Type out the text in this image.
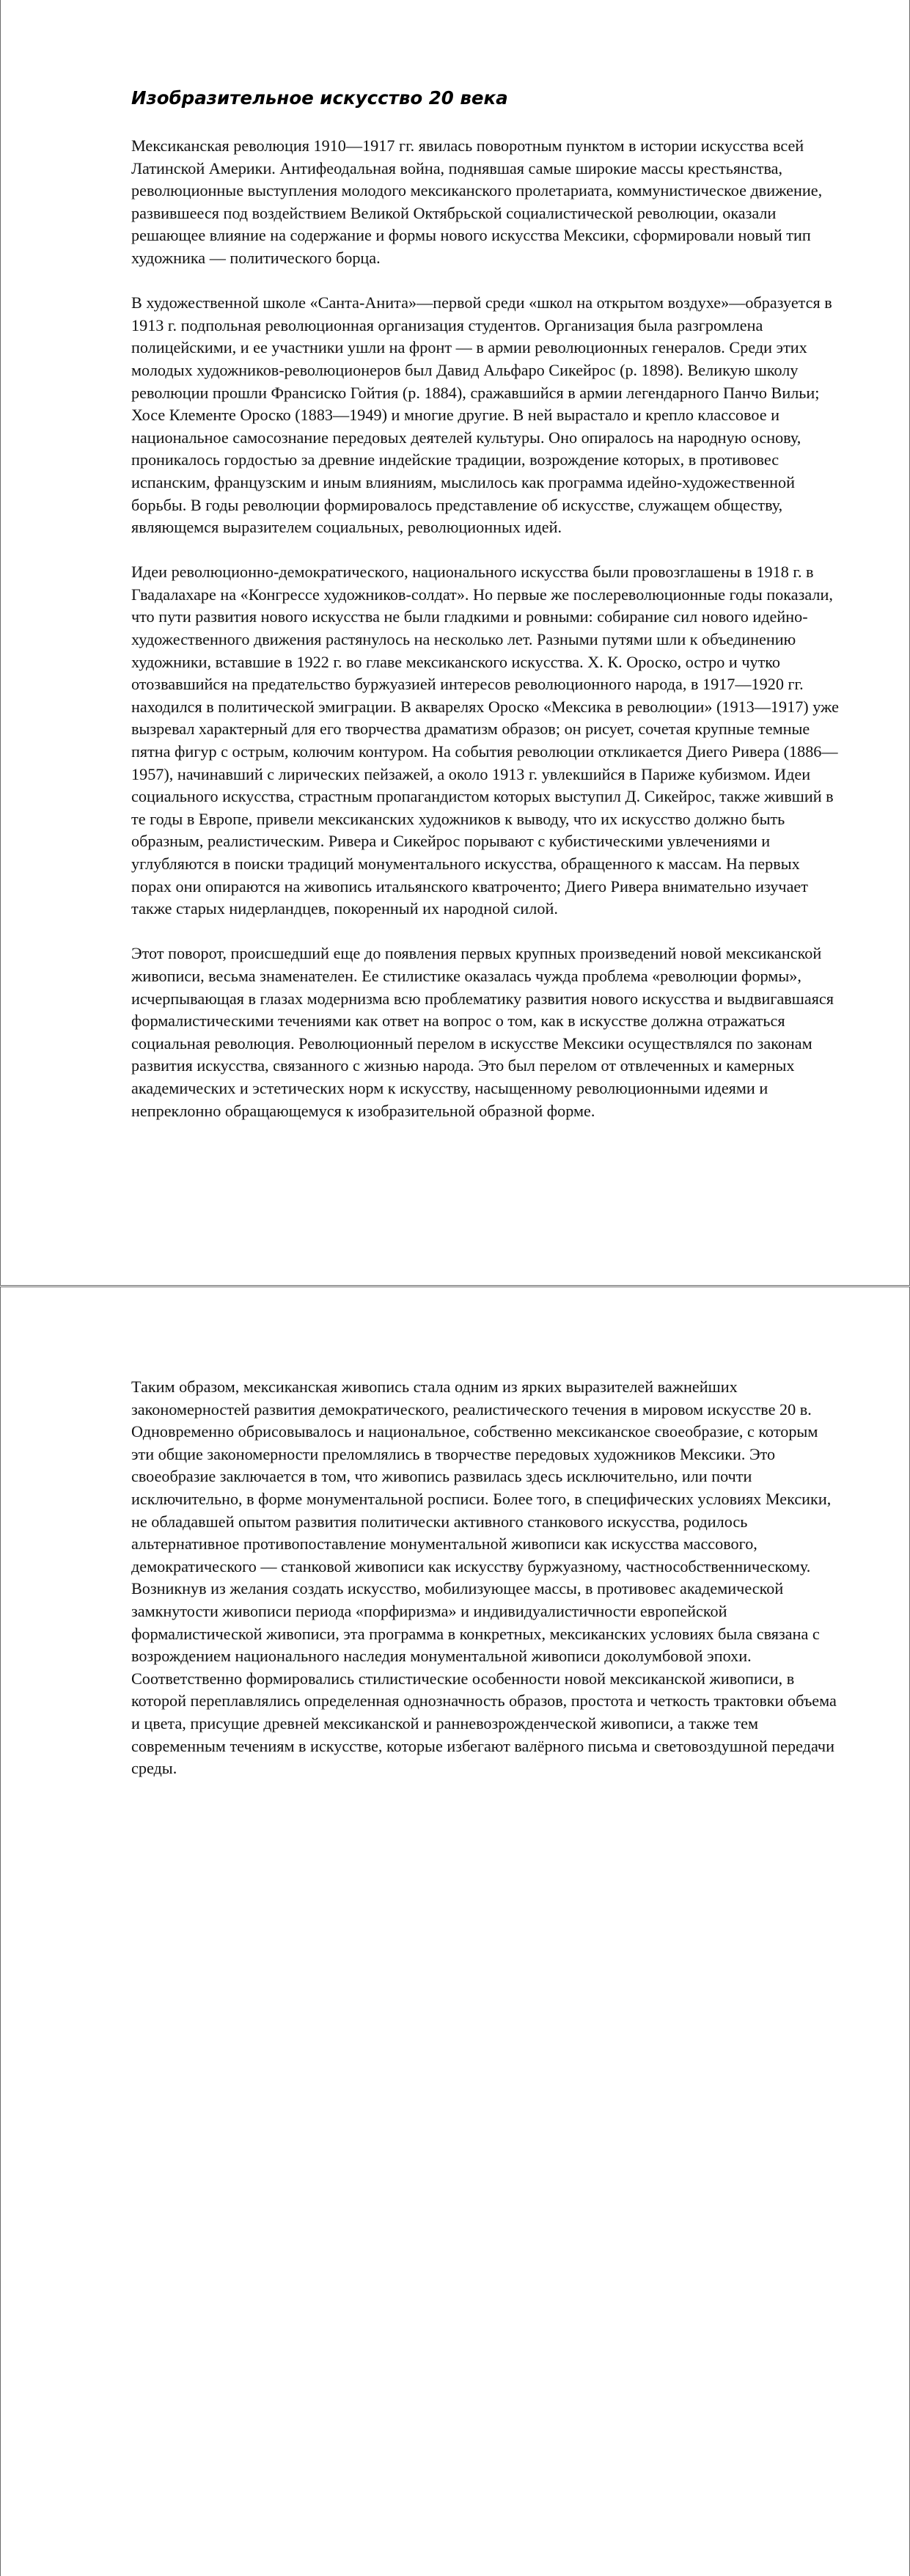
Изобразительное искусство 20 века

Мексиканская революция 1910—1917 гг. явилась поворотным пунктом в истории искусства всей Латинской Америки. Антифеодальная война, поднявшая самые широкие массы крестьянства, революционные выступления молодого мексиканского пролетариата, коммунистическое движение, развившееся под воздействием Великой Октябрьской социалистической революции, оказали решающее влияние на содержание и формы нового искусства Мексики, сформировали новый тип художника — политического борца.

В художественной школе «Санта-Анита»—первой среди «школ на открытом воздухе»—образуется в 1913 г. подпольная революционная организация студентов. Организация была разгромлена полицейскими, и ее участники ушли на фронт — в армии революционных генералов. Среди этих молодых художников-революционеров был Давид Альфаро Сикейрос (р. 1898). Великую школу революции прошли Франсиско Гойтия (р. 1884), сражавшийся в армии легендарного Панчо Вильи; Хосе Клементе Ороско (1883—1949) и многие другие. В ней вырастало и крепло классовое и национальное самосознание передовых деятелей культуры. Оно опиралось на народную основу, проникалось гордостью за древние индейские традиции, возрождение которых, в противовес испанским, французским и иным влияниям, мыслилось как программа идейно-художественной борьбы. В годы революции формировалось представление об искусстве, служащем обществу, являющемся выразителем социальных, революционных идей.

Идеи революционно-демократического, национального искусства были провозглашены в 1918 г. в Гвадалахаре на «Конгрессе художников-солдат». Но первые же послереволюционные годы показали, что пути развития нового искусства не были гладкими и ровными: собирание сил нового идейно-художественного движения растянулось на несколько лет. Разными путями шли к объединению художники, вставшие в 1922 г. во главе мексиканского искусства. X. К. Ороско, остро и чутко отозвавшийся на предательство буржуазией интересов революционного народа, в 1917—1920 гг. находился в политической эмиграции. В акварелях Ороско «Мексика в революции» (1913—1917) уже вызревал характерный для его творчества драматизм образов; он рисует, сочетая крупные темные пятна фигур с острым, колючим контуром. На события революции откликается Диего Ривера (1886—1957), начинавший с лирических пейзажей, а около 1913 г. увлекшийся в Париже кубизмом. Идеи социального искусства, страстным пропагандистом которых выступил Д. Сикейрос, также живший в те годы в Европе, привели мексиканских художников к выводу, что их искусство должно быть образным, реалистическим. Ривера и Сикейрос порывают с кубистическими увлечениями и углубляются в поиски традиций монументального искусства, обращенного к массам. На первых порах они опираются на живопись итальянского кватроченто; Диего Ривера внимательно изучает также старых нидерландцев, покоренный их народной силой.

Этот поворот, происшедший еще до появления первых крупных произведений новой мексиканской живописи, весьма знаменателен. Ее стилистике оказалась чужда проблема «революции формы», исчерпывающая в глазах модернизма всю проблематику развития нового искусства и выдвигавшаяся формалистическими течениями как ответ на вопрос о том, как в искусстве должна отражаться социальная революция. Революционный перелом в искусстве Мексики осуществлялся по законам развития искусства, связанного с жизнью народа. Это был перелом от отвлеченных и камерных академических и эстетических норм к искусству, насыщенному революционными идеями и непреклонно обращающемуся к изобразительной образной форме.

Таким образом, мексиканская живопись стала одним из ярких выразителей важнейших закономерностей развития демократического, реалистического течения в мировом искусстве 20 в. Одновременно обрисовывалось и национальное, собственно мексиканское своеобразие, с которым эти общие закономерности преломлялись в творчестве передовых художников Мексики. Это своеобразие заключается в том, что живопись развилась здесь исключительно, или почти исключительно, в форме монументальной росписи. Более того, в специфических условиях Мексики, не обладавшей опытом развития политически активного станкового искусства, родилось альтернативное противопоставление монументальной живописи как искусства массового, демократического — станковой живописи как искусству буржуазному, частнособственническому. Возникнув из желания создать искусство, мобилизующее массы, в противовес академической замкнутости живописи периода «порфиризма» и индивидуалистичности европейской формалистической живописи, эта программа в конкретных, мексиканских условиях была связана с возрождением национального наследия монументальной живописи доколумбовой эпохи. Соответственно формировались стилистические особенности новой мексиканской живописи, в которой переплавлялись определенная однозначность образов, простота и четкость трактовки объема и цвета, присущие древней мексиканской и ранневозрожденческой живописи, а также тем современным течениям в искусстве, которые избегают валёрного письма и световоздушной передачи среды.
